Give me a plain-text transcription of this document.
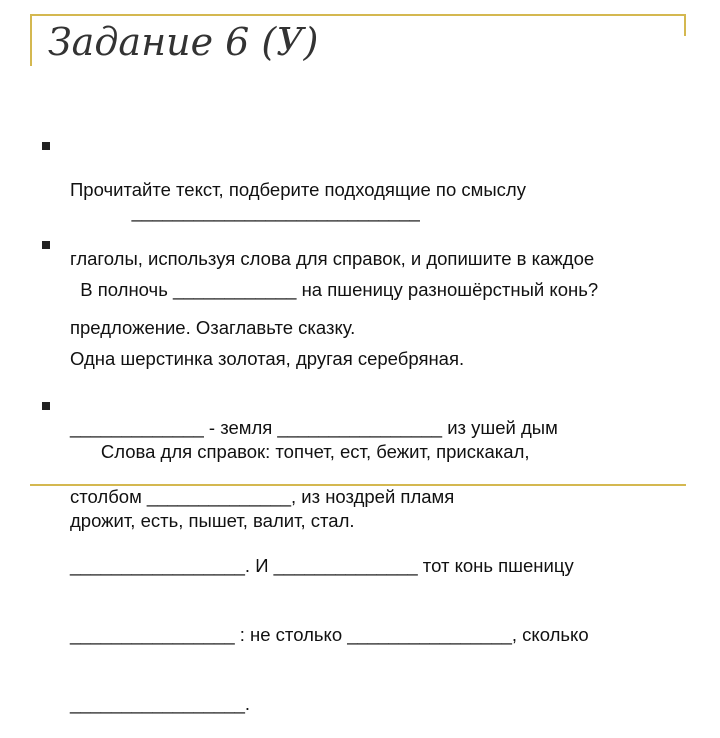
Задание 6 (У)

Прочитайте текст, подберите подходящие по смыслу

глаголы, используя слова для справок, и допишите в каждое

предложение. Озаглавьте сказку.

____________________________

В полночь ____________ на пшеницу разношёрстный конь?

Одна шерстинка золотая, другая серебряная.

_____________ - земля ________________ из ушей дым

столбом ______________, из ноздрей пламя

_________________. И ______________ тот конь пшеницу

________________ : не столько ________________, сколько

_________________.

Слова для справок: топчет, ест, бежит, прискакал,

дрожит, есть, пышет, валит, стал.
